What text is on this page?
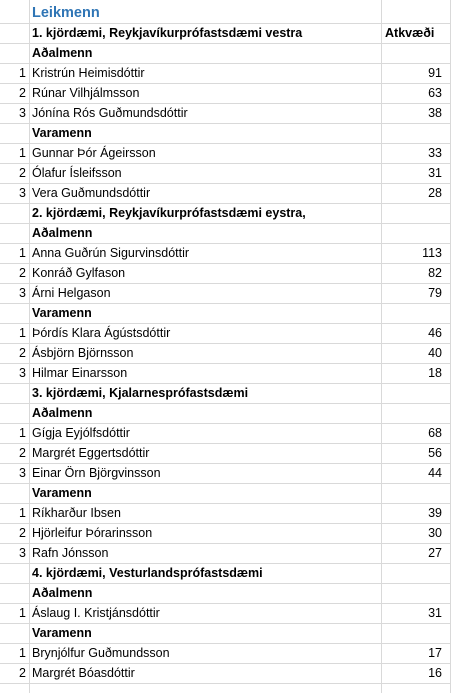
Leikmenn
1. kjördæmi, Reykjavíkurprófastsdæmi vestra	Atkvæði
Aðalmenn
1 Kristrún Heimisdóttir	91
2 Rúnar Vilhjálmsson	63
3 Jónína Rós Guðmundsdóttir	38
Varamenn
1 Gunnar Þór Ágeirsson	33
2 Ólafur Ísleifsson	31
3 Vera Guðmundsdóttir	28
2. kjördæmi, Reykjavíkurprófastsdæmi eystra,
Aðalmenn
1 Anna Guðrún Sigurvinsdóttir	113
2 Konráð Gylfason	82
3 Árni Helgason	79
Varamenn
1 Þórdís Klara Ágústsdóttir	46
2 Ásbjörn Björnsson	40
3 Hilmar Einarsson	18
3. kjördæmi, Kjalarnesprófastsdæmi
Aðalmenn
1 Gígja Eyjólfsdóttir	68
2 Margrét Eggertsdóttir	56
3 Einar Örn Björgvinsson	44
Varamenn
1 Ríkharður Ibsen	39
2 Hjörleifur Þórarinsson	30
3 Rafn Jónsson	27
4. kjördæmi, Vesturlandsprófastsdæmi
Aðalmenn
1 Áslaug I. Kristjánsdóttir	31
Varamenn
1 Brynjólfur Guðmundsson	17
2 Margrét Bóasdóttir	16
